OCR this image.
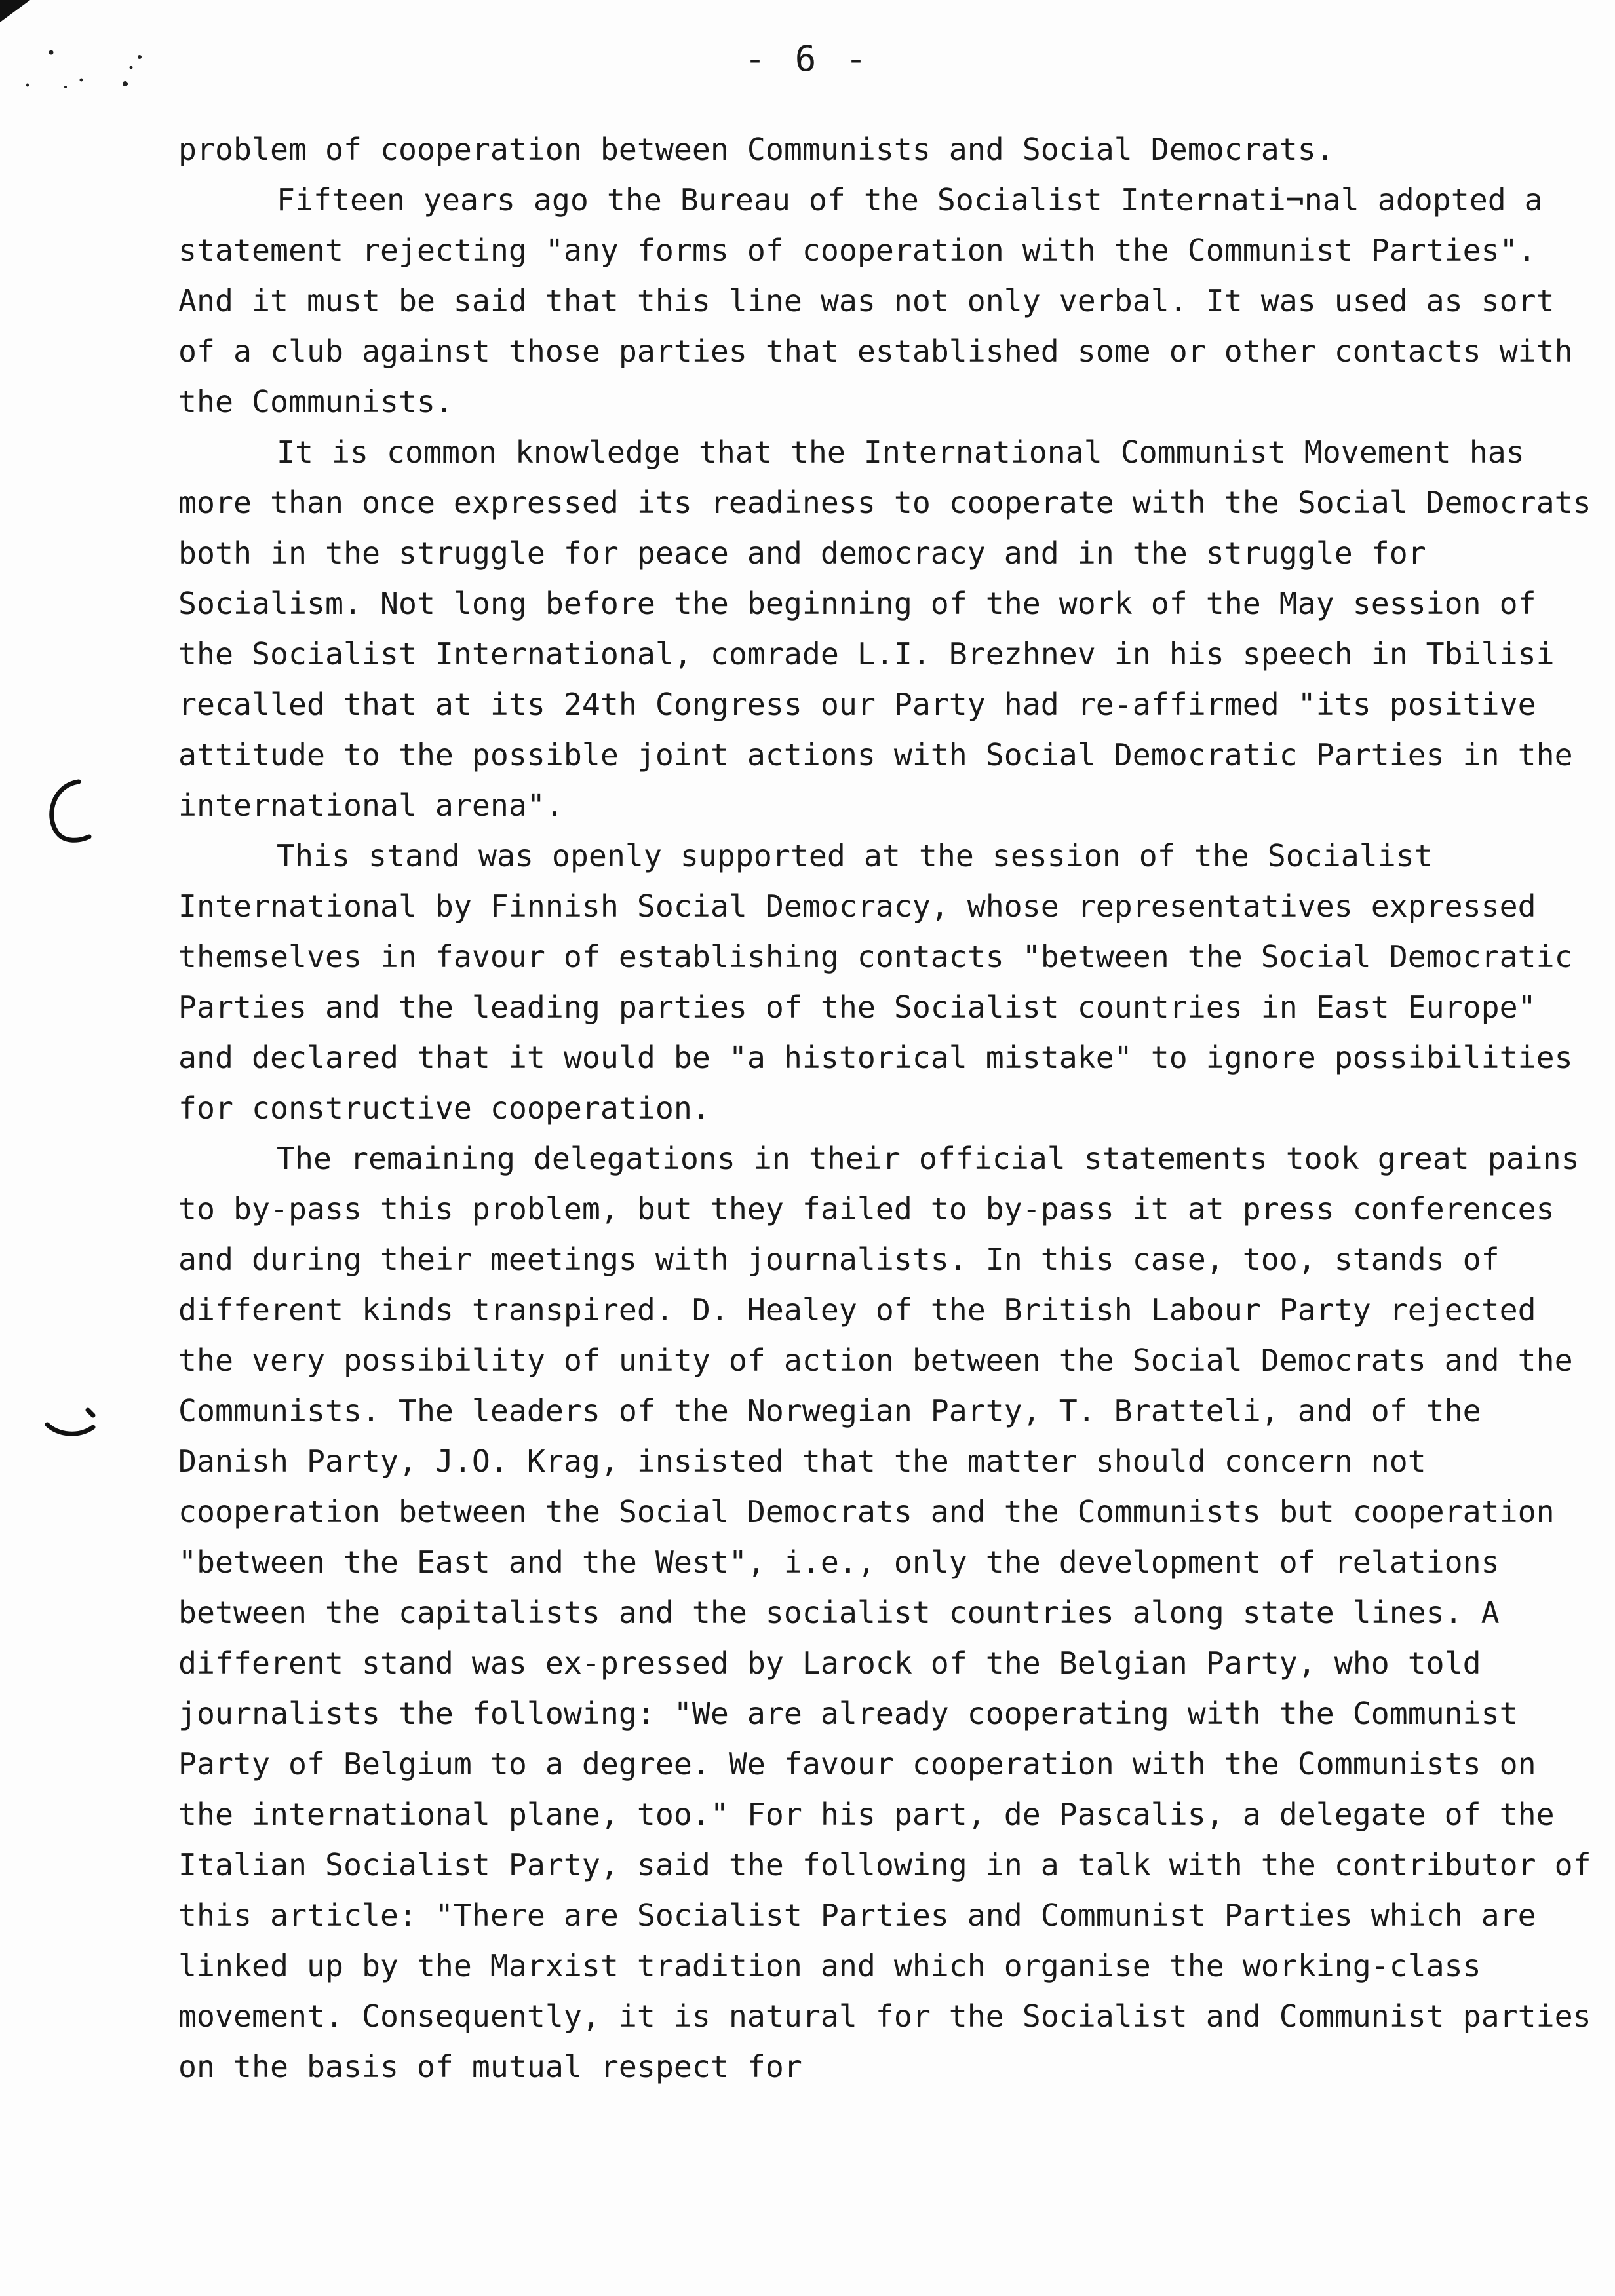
- 6 -

problem of cooperation between Communists and Social Democrats.

Fifteen years ago the Bureau of the Socialist Internati¬nal adopted a statement rejecting "any forms of cooperation with the Communist Parties". And it must be said that this line was not only verbal. It was used as sort of a club against those parties that established some or other contacts with the Communists.

It is common knowledge that the International Communist Movement has more than once expressed its readiness to cooperate with the Social Democrats both in the struggle for peace and democracy and in the struggle for Socialism. Not long before the beginning of the work of the May session of the Socialist International, comrade L.I. Brezhnev in his speech in Tbilisi recalled that at its 24th Congress our Party had re-affirmed "its positive attitude to the possible joint actions with Social Democratic Parties in the international arena".

This stand was openly supported at the session of the Socialist International by Finnish Social Democracy, whose representatives expressed themselves in favour of establishing contacts "between the Social Democratic Parties and the leading parties of the Socialist countries in East Europe" and declared that it would be "a historical mistake" to ignore possibilities for constructive cooperation.

The remaining delegations in their official statements took great pains to by-pass this problem, but they failed to by-pass it at press conferences and during their meetings with journalists. In this case, too, stands of different kinds transpired. D. Healey of the British Labour Party rejected the very possibility of unity of action between the Social Democrats and the Communists. The leaders of the Norwegian Party, T. Bratteli, and of the Danish Party, J.O. Krag, insisted that the matter should concern not cooperation between the Social Democrats and the Communists but cooperation "between the East and the West", i.e., only the development of relations between the capitalists and the socialist countries along state lines. A different stand was ex-pressed by Larock of the Belgian Party, who told journalists the following: "We are already cooperating with the Communist Party of Belgium to a degree. We favour cooperation with the Communists on the international plane, too." For his part, de Pascalis, a delegate of the Italian Socialist Party, said the following in a talk with the contributor of this article: "There are Socialist Parties and Communist Parties which are linked up by the Marxist tradition and which organise the working-class movement. Consequently, it is natural for the Socialist and Communist parties on the basis of mutual respect for
